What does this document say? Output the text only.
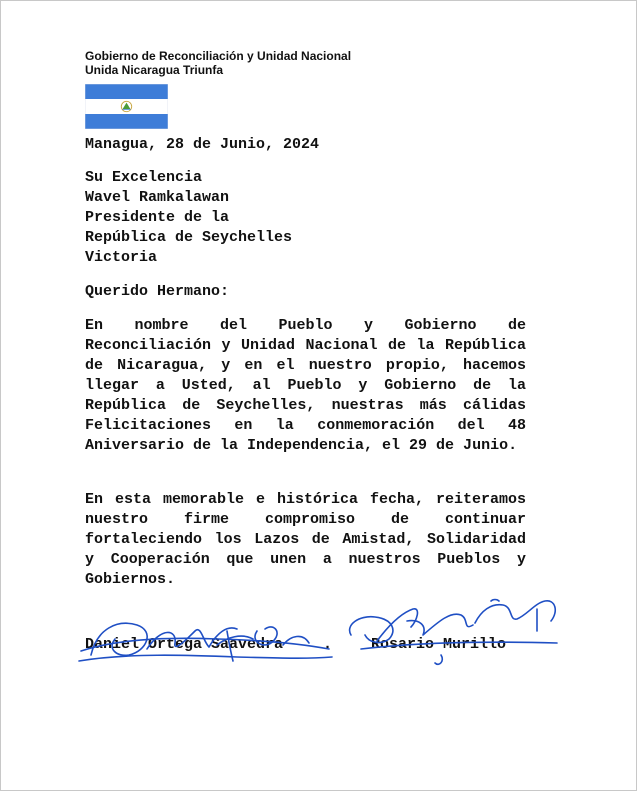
Gobierno de Reconciliación y Unidad Nacional
Unida Nicaragua Triunfa
Managua, 28 de Junio, 2024
Su Excelencia
Wavel Ramkalawan
Presidente de la
República de Seychelles
Victoria
Querido Hermano:
En nombre del Pueblo y Gobierno de Reconciliación y Unidad Nacional de la República de Nicaragua, y en el nuestro propio, hacemos llegar a Usted, al Pueblo y Gobierno de la República de Seychelles, nuestras más cálidas Felicitaciones en la conmemoración del 48 Aniversario de la Independencia, el 29 de Junio.
En esta memorable e histórica fecha, reiteramos nuestro firme compromiso de continuar fortaleciendo los Lazos de Amistad, Solidaridad y Cooperación que unen a nuestros Pueblos y Gobiernos.
Daniel Ortega Saavedra	.	Rosario Murillo
